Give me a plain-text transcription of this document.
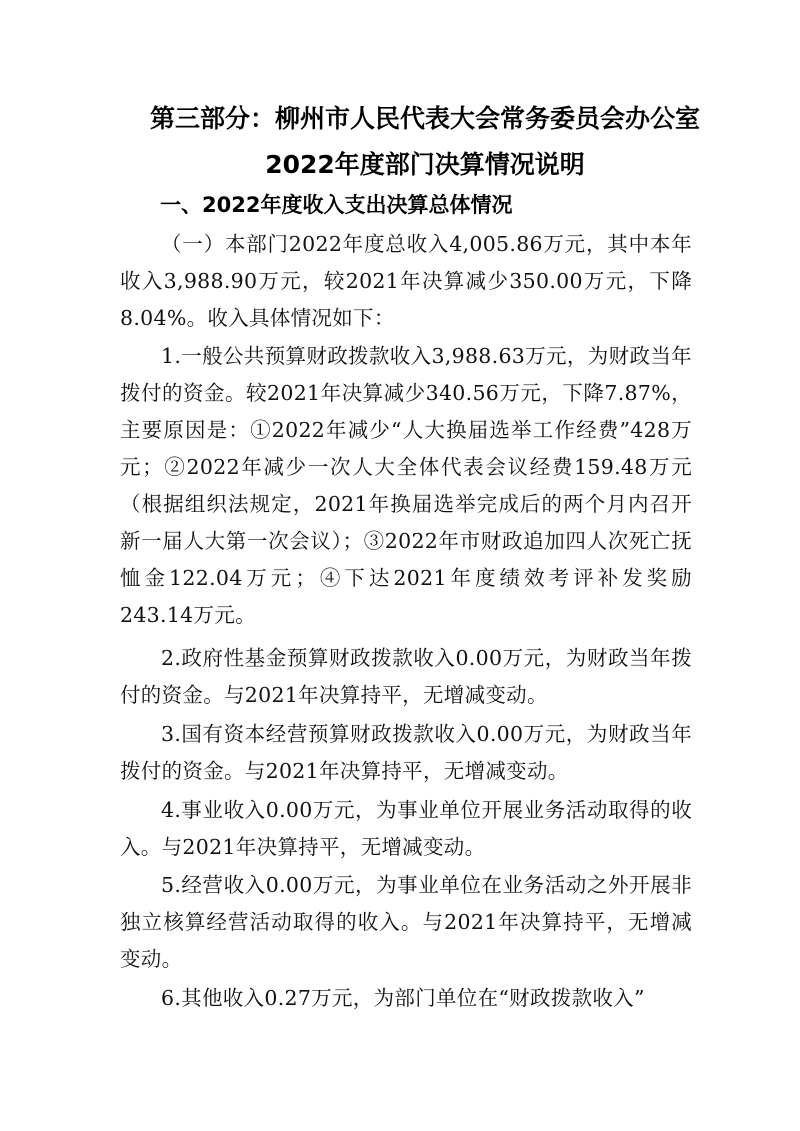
第三部分：柳州市人民代表大会常务委员会办公室2022年度部门决算情况说明
一、2022年度收入支出决算总体情况
（一）本部门2022年度总收入4,005.86万元，其中本年收入3,988.90万元，较2021年决算减少350.00万元，下降8.04%。收入具体情况如下：
1.一般公共预算财政拨款收入3,988.63万元，为财政当年拨付的资金。较2021年决算减少340.56万元，下降7.87%，主要原因是：①2022年减少“人大换届选举工作经费”428万元；②2022年减少一次人大全体代表会议经费159.48万元（根据组织法规定，2021年换届选举完成后的两个月内召开新一届人大第一次会议）；③2022年市财政追加四人次死亡抚恤金122.04万元；④下达2021年度绩效考评补发奖励243.14万元。
2.政府性基金预算财政拨款收入0.00万元，为财政当年拨付的资金。与2021年决算持平，无增减变动。
3.国有资本经营预算财政拨款收入0.00万元，为财政当年拨付的资金。与2021年决算持平，无增减变动。
4.事业收入0.00万元，为事业单位开展业务活动取得的收入。与2021年决算持平，无增减变动。
5.经营收入0.00万元，为事业单位在业务活动之外开展非独立核算经营活动取得的收入。与2021年决算持平，无增减变动。
6.其他收入0.27万元，为部门单位在“财政拨款收入”
